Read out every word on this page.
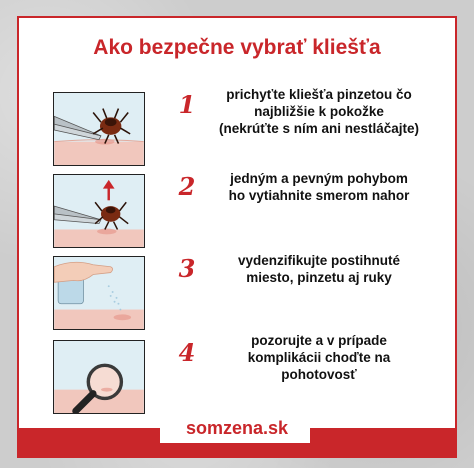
Ako bezpečne vybrať kliešťa
1
2
3
4
prichyťte kliešťa pinzetou čo
najbližšie k pokožke
(nekrúťte s ním ani nestláčajte)
jedným a pevným pohybom
ho vytiahnite smerom nahor
vydenzifikujte postihnuté
miesto, pinzetu aj ruky
pozorujte a v prípade
komplikácii choďte na
pohotovosť
somzena.sk
